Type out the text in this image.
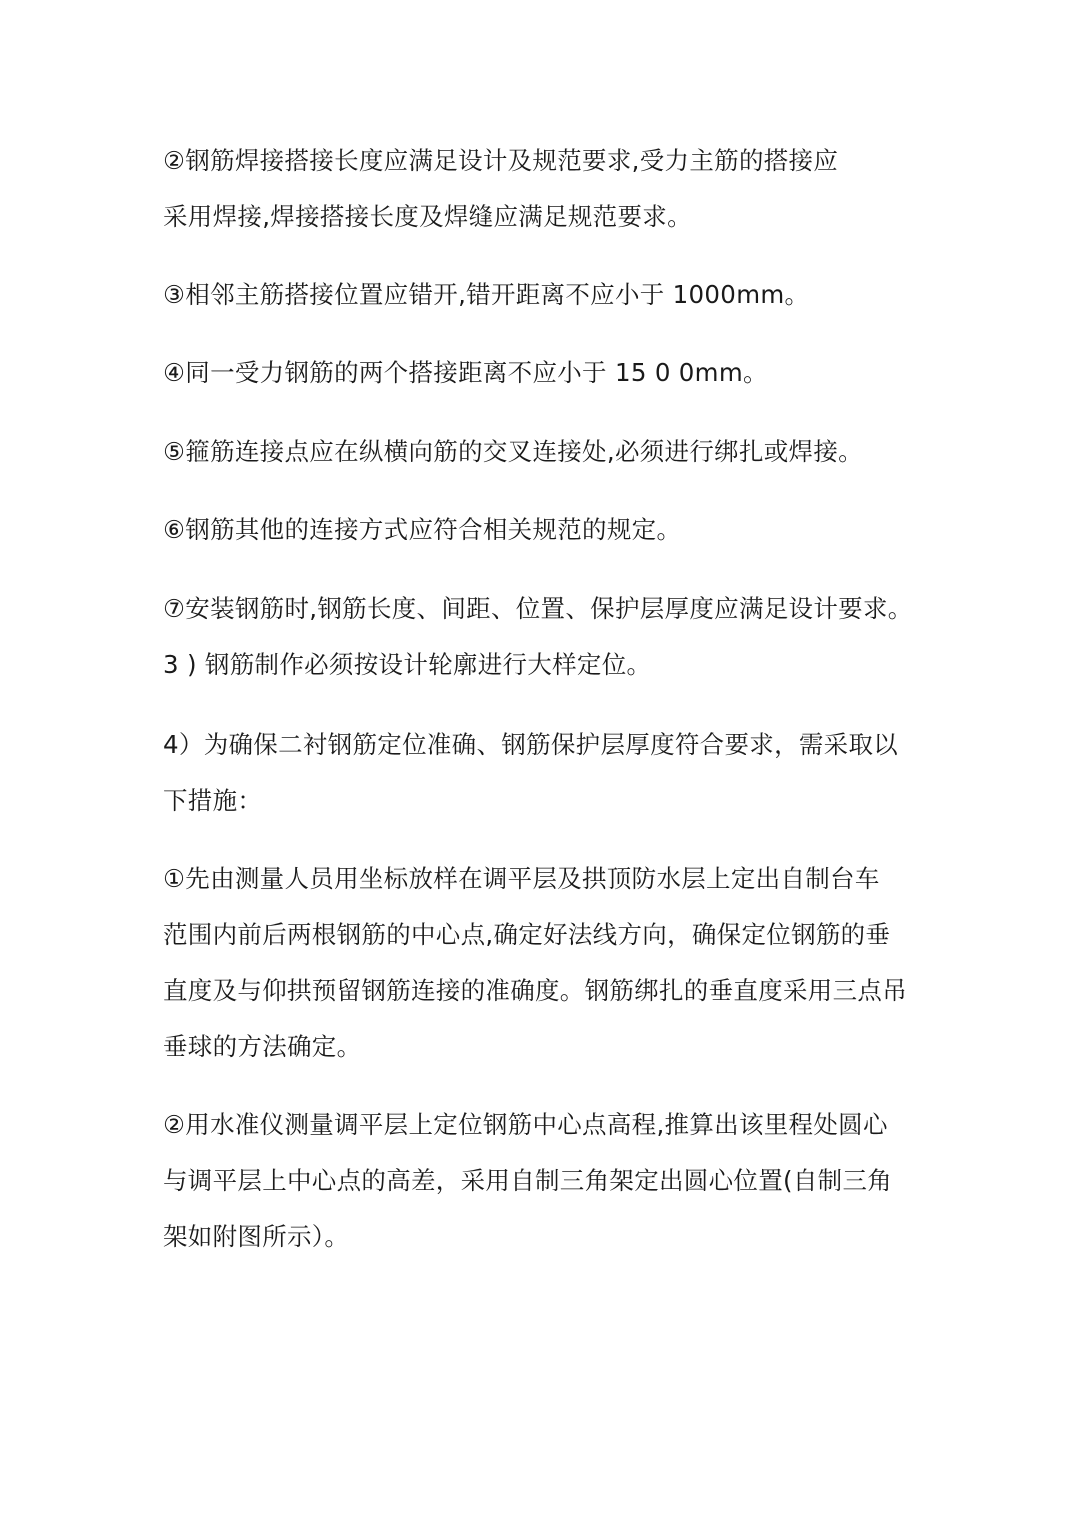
②钢筋焊接搭接长度应满足设计及规范要求,受力主筋的搭接应
采用焊接,焊接搭接长度及焊缝应满足规范要求。
③相邻主筋搭接位置应错开,错开距离不应小于 1000mm。
④同一受力钢筋的两个搭接距离不应小于 15 0 0mm。
⑤箍筋连接点应在纵横向筋的交叉连接处,必须进行绑扎或焊接。
⑥钢筋其他的连接方式应符合相关规范的规定。
⑦安装钢筋时,钢筋长度、间距、位置、保护层厚度应满足设计要求。
3 ) 钢筋制作必须按设计轮廓进行大样定位。
4）为确保二衬钢筋定位准确、钢筋保护层厚度符合要求，需采取以
下措施：
①先由测量人员用坐标放样在调平层及拱顶防水层上定出自制台车
范围内前后两根钢筋的中心点,确定好法线方向，确保定位钢筋的垂
直度及与仰拱预留钢筋连接的准确度。钢筋绑扎的垂直度采用三点吊
垂球的方法确定。
②用水准仪测量调平层上定位钢筋中心点高程,推算出该里程处圆心
与调平层上中心点的高差，采用自制三角架定出圆心位置(自制三角
架如附图所示）。
